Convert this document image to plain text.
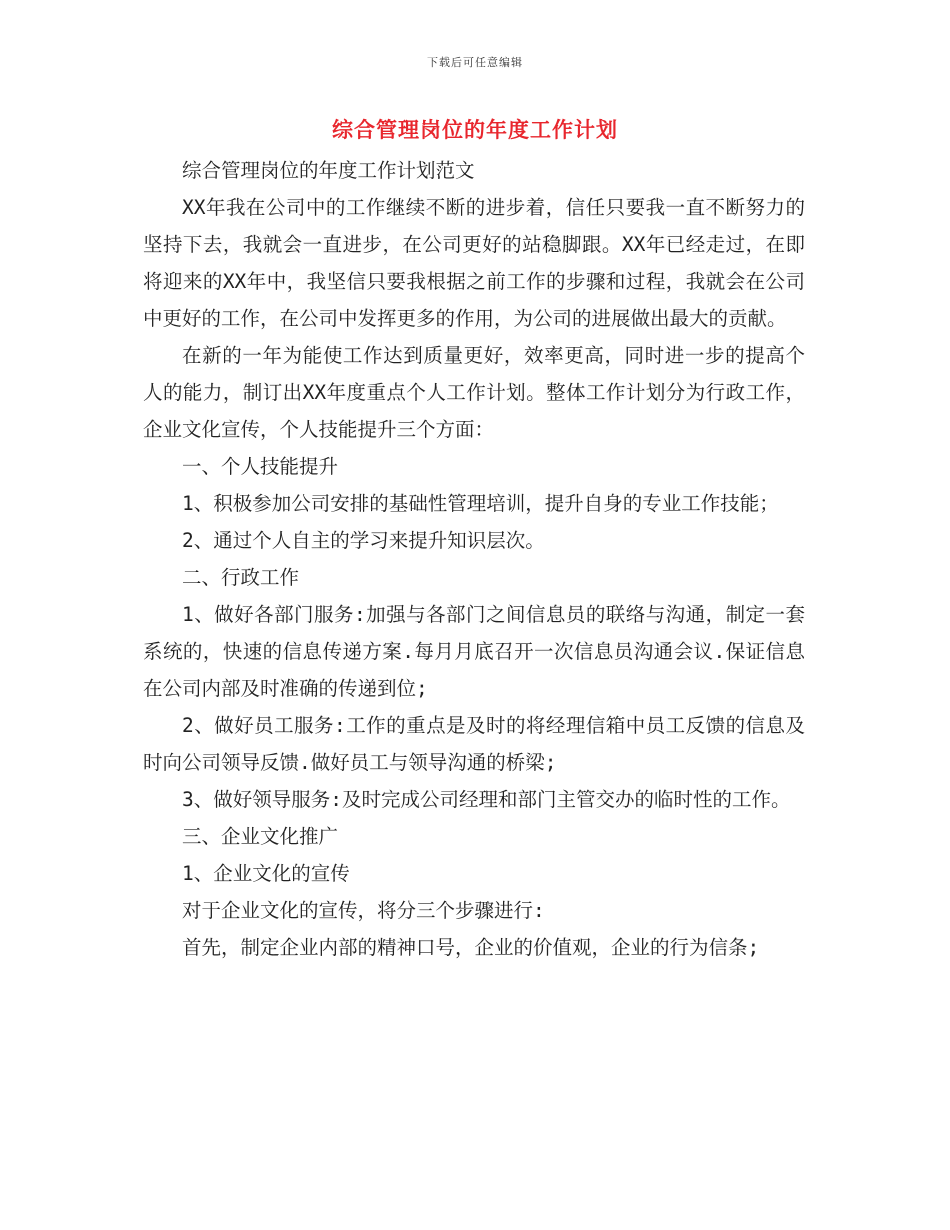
下载后可任意编辑
综合管理岗位的年度工作计划

综合管理岗位的年度工作计划范文

XX年我在公司中的工作继续不断的进步着，信任只要我一直不断努力的坚持下去，我就会一直进步，在公司更好的站稳脚跟。XX年已经走过，在即将迎来的XX年中，我坚信只要我根据之前工作的步骤和过程，我就会在公司中更好的工作，在公司中发挥更多的作用，为公司的进展做出最大的贡献。

在新的一年为能使工作达到质量更好，效率更高，同时进一步的提高个人的能力，制订出XX年度重点个人工作计划。整体工作计划分为行政工作，企业文化宣传，个人技能提升三个方面：

一、个人技能提升

1、积极参加公司安排的基础性管理培训，提升自身的专业工作技能；

2、通过个人自主的学习来提升知识层次。

二、行政工作

1、做好各部门服务:加强与各部门之间信息员的联络与沟通，制定一套系统的，快速的信息传递方案.每月月底召开一次信息员沟通会议.保证信息在公司内部及时准确的传递到位;

2、做好员工服务:工作的重点是及时的将经理信箱中员工反馈的信息及时向公司领导反馈.做好员工与领导沟通的桥梁;

3、做好领导服务:及时完成公司经理和部门主管交办的临时性的工作。

三、企业文化推广

1、企业文化的宣传

对于企业文化的宣传，将分三个步骤进行:

首先，制定企业内部的精神口号，企业的价值观，企业的行为信条;
